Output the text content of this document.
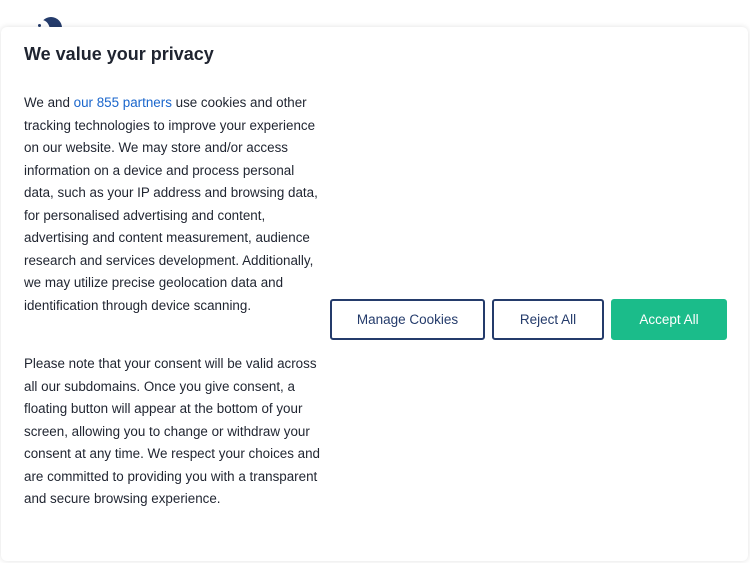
We value your privacy

We and our 855 partners use cookies and other tracking technologies to improve your experience on our website. We may store and/or access information on a device and process personal data, such as your IP address and browsing data, for personalised advertising and content, advertising and content measurement, audience research and services development. Additionally, we may utilize precise geolocation data and identification through device scanning.

Please note that your consent will be valid across all our subdomains. Once you give consent, a floating button will appear at the bottom of your screen, allowing you to change or withdraw your consent at any time. We respect your choices and are committed to providing you with a transparent and secure browsing experience.

Manage Cookies	Reject All	Accept All
